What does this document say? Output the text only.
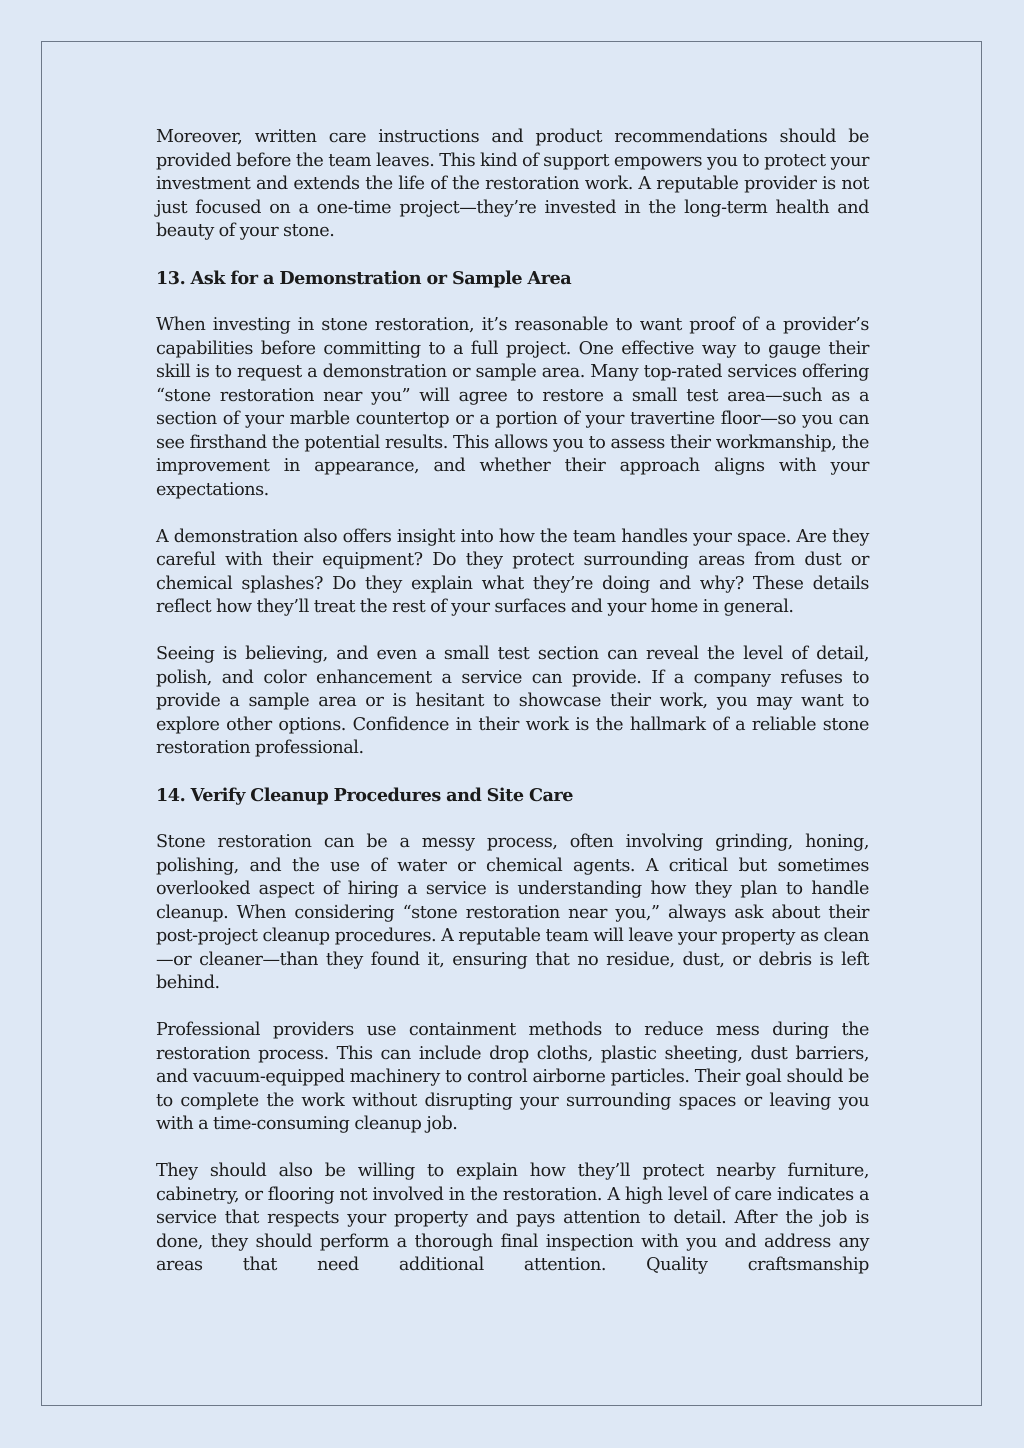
Moreover, written care instructions and product recommendations should be provided before the team leaves. This kind of support empowers you to protect your investment and extends the life of the restoration work. A reputable provider is not just focused on a one-time project—they’re invested in the long-term health and beauty of your stone.

13. Ask for a Demonstration or Sample Area

When investing in stone restoration, it’s reasonable to want proof of a provider’s capabilities before committing to a full project. One effective way to gauge their skill is to request a demonstration or sample area. Many top-rated services offering “stone restoration near you” will agree to restore a small test area—such as a section of your marble countertop or a portion of your travertine floor—so you can see firsthand the potential results. This allows you to assess their workmanship, the improvement in appearance, and whether their approach aligns with your expectations.

A demonstration also offers insight into how the team handles your space. Are they careful with their equipment? Do they protect surrounding areas from dust or chemical splashes? Do they explain what they’re doing and why? These details reflect how they’ll treat the rest of your surfaces and your home in general.

Seeing is believing, and even a small test section can reveal the level of detail, polish, and color enhancement a service can provide. If a company refuses to provide a sample area or is hesitant to showcase their work, you may want to explore other options. Confidence in their work is the hallmark of a reliable stone restoration professional.

14. Verify Cleanup Procedures and Site Care

Stone restoration can be a messy process, often involving grinding, honing, polishing, and the use of water or chemical agents. A critical but sometimes overlooked aspect of hiring a service is understanding how they plan to handle cleanup. When considering “stone restoration near you,” always ask about their post-project cleanup procedures. A reputable team will leave your property as clean—or cleaner—than they found it, ensuring that no residue, dust, or debris is left behind.

Professional providers use containment methods to reduce mess during the restoration process. This can include drop cloths, plastic sheeting, dust barriers, and vacuum-equipped machinery to control airborne particles. Their goal should be to complete the work without disrupting your surrounding spaces or leaving you with a time-consuming cleanup job.

They should also be willing to explain how they’ll protect nearby furniture, cabinetry, or flooring not involved in the restoration. A high level of care indicates a service that respects your property and pays attention to detail. After the job is done, they should perform a thorough final inspection with you and address any areas that need additional attention. Quality craftsmanship
